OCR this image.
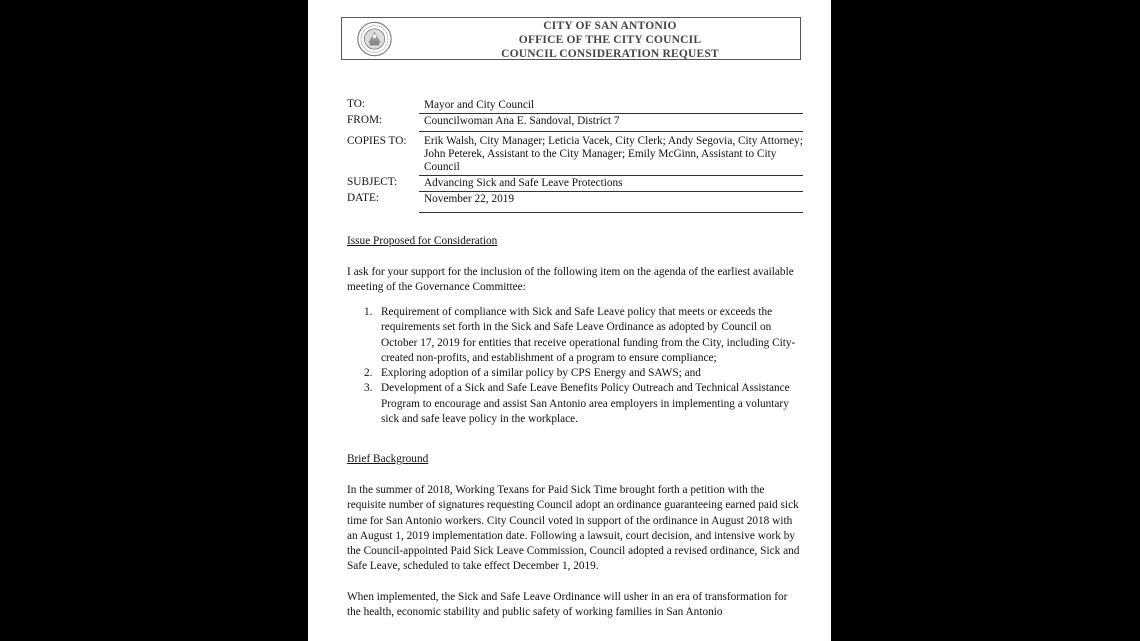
CITY OF SAN ANTONIO
OFFICE OF THE CITY COUNCIL
COUNCIL CONSIDERATION REQUEST
TO:	Mayor and City Council
FROM:	Councilwoman Ana E. Sandoval, District 7
COPIES TO:	Erik Walsh, City Manager; Leticia Vacek, City Clerk; Andy Segovia, City Attorney; John Peterek, Assistant to the City Manager; Emily McGinn, Assistant to City Council
SUBJECT:	Advancing Sick and Safe Leave Protections
DATE:	November 22, 2019
Issue Proposed for Consideration
I ask for your support for the inclusion of the following item on the agenda of the earliest available meeting of the Governance Committee:
1. Requirement of compliance with Sick and Safe Leave policy that meets or exceeds the requirements set forth in the Sick and Safe Leave Ordinance as adopted by Council on October 17, 2019 for entities that receive operational funding from the City, including City-created non-profits, and establishment of a program to ensure compliance;
2. Exploring adoption of a similar policy by CPS Energy and SAWS; and
3. Development of a Sick and Safe Leave Benefits Policy Outreach and Technical Assistance Program to encourage and assist San Antonio area employers in implementing a voluntary sick and safe leave policy in the workplace.
Brief Background
In the summer of 2018, Working Texans for Paid Sick Time brought forth a petition with the requisite number of signatures requesting Council adopt an ordinance guaranteeing earned paid sick time for San Antonio workers. City Council voted in support of the ordinance in August 2018 with an August 1, 2019 implementation date. Following a lawsuit, court decision, and intensive work by the Council-appointed Paid Sick Leave Commission, Council adopted a revised ordinance, Sick and Safe Leave, scheduled to take effect December 1, 2019.
When implemented, the Sick and Safe Leave Ordinance will usher in an era of transformation for the health, economic stability and public safety of working families in San Antonio
